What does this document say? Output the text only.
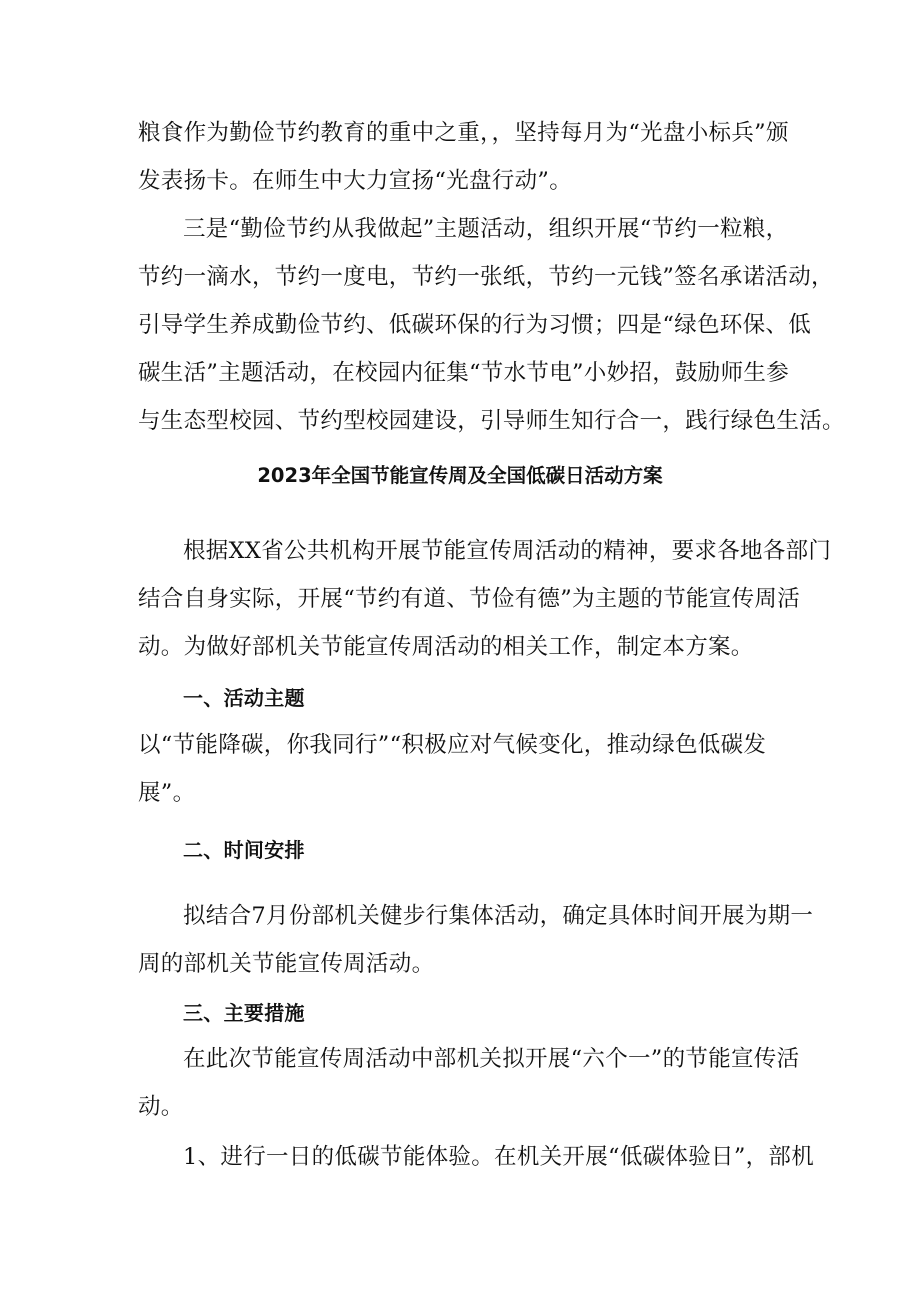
粮食作为勤俭节约教育的重中之重，，坚持每月为“光盘小标兵”颁
发表扬卡。在师生中大力宣扬“光盘行动”。
三是“勤俭节约从我做起”主题活动，组织开展“节约一粒粮，
节约一滴水，节约一度电，节约一张纸，节约一元钱”签名承诺活动，
引导学生养成勤俭节约、低碳环保的行为习惯；四是“绿色环保、低
碳生活”主题活动，在校园内征集“节水节电”小妙招，鼓励师生参
与生态型校园、节约型校园建设，引导师生知行合一，践行绿色生活。
2023年全国节能宣传周及全国低碳日活动方案
根据XX省公共机构开展节能宣传周活动的精神，要求各地各部门
结合自身实际，开展“节约有道、节俭有德”为主题的节能宣传周活
动。为做好部机关节能宣传周活动的相关工作，制定本方案。
一、活动主题
以“节能降碳，你我同行”“积极应对气候变化，推动绿色低碳发
展”。
二、时间安排
拟结合7月份部机关健步行集体活动，确定具体时间开展为期一
周的部机关节能宣传周活动。
三、主要措施
在此次节能宣传周活动中部机关拟开展“六个一”的节能宣传活
动。
1、进行一日的低碳节能体验。在机关开展“低碳体验日”，部机
